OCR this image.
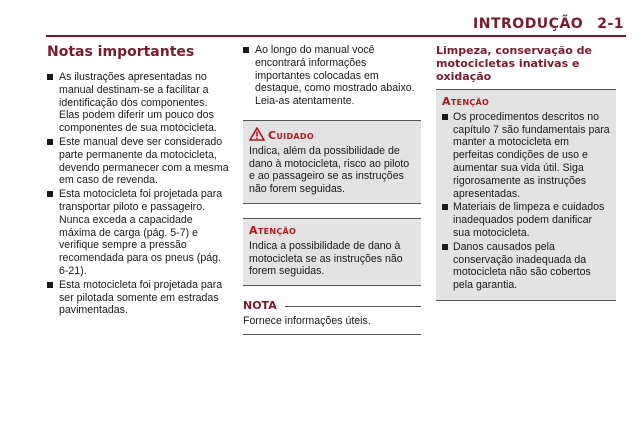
INTRODUÇÃO 2-1
Notas importantes
As ilustrações apresentadas no manual destinam-se a facilitar a identificação dos componentes. Elas podem diferir um pouco dos componentes de sua motocicleta.
Este manual deve ser considerado parte permanente da motocicleta, devendo permanecer com a mesma em caso de revenda.
Esta motocicleta foi projetada para transportar piloto e passageiro. Nunca exceda a capacidade máxima de carga (pág. 5-7) e verifique sempre a pressão recomendada para os pneus (pág. 6-21).
Esta motocicleta foi projetada para ser pilotada somente em estradas pavimentadas.
Ao longo do manual você encontrará informações importantes colocadas em destaque, como mostrado abaixo. Leia-as atentamente.
Cuidado
Indica, além da possibilidade de dano à motocicleta, risco ao piloto e ao passageiro se as instruções não forem seguidas.
Atenção
Indica a possibilidade de dano à motocicleta se as instruções não forem seguidas.
NOTA
Fornece informações úteis.
Limpeza, conservação de motocicletas inativas e oxidação
Atenção
Os procedimentos descritos no capítulo 7 são fundamentais para manter a motocicleta em perfeitas condições de uso e aumentar sua vida útil. Siga rigorosamente as instruções apresentadas.
Materiais de limpeza e cuidados inadequados podem danificar sua motocicleta.
Danos causados pela conservação inadequada da motocicleta não são cobertos pela garantia.
